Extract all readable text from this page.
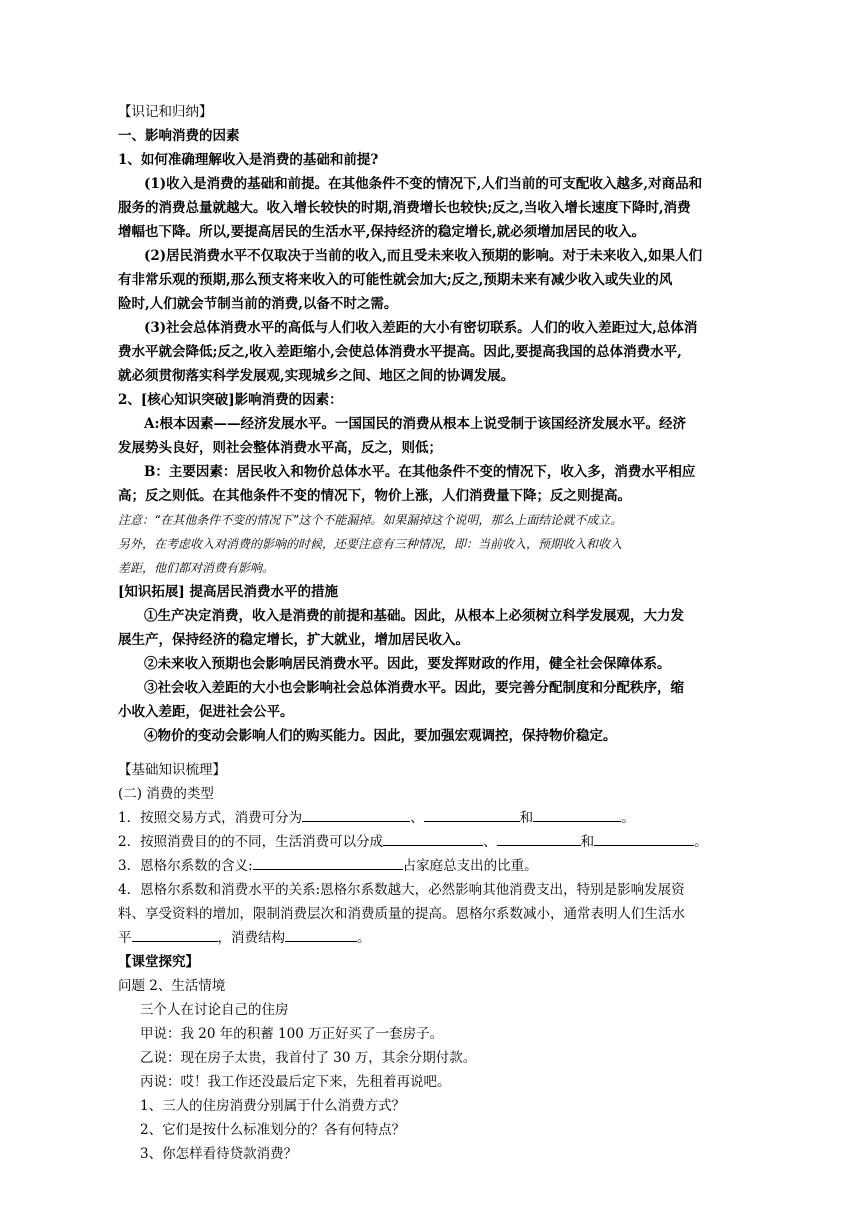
【识记和归纳】
一、影响消费的因素
1、如何准确理解收入是消费的基础和前提?
(1)收入是消费的基础和前提。在其他条件不变的情况下,人们当前的可支配收入越多,对商品和
服务的消费总量就越大。收入增长较快的时期,消费增长也较快;反之,当收入增长速度下降时,消费
增幅也下降。所以,要提高居民的生活水平,保持经济的稳定增长,就必须增加居民的收入。
(2)居民消费水平不仅取决于当前的收入,而且受未来收入预期的影响。对于未来收入,如果人们
有非常乐观的预期,那么预支将来收入的可能性就会加大;反之,预期未来有减少收入或失业的风
险时,人们就会节制当前的消费,以备不时之需。
(3)社会总体消费水平的高低与人们收入差距的大小有密切联系。人们的收入差距过大,总体消
费水平就会降低;反之,收入差距缩小,会使总体消费水平提高。因此,要提高我国的总体消费水平,
就必须贯彻落实科学发展观,实现城乡之间、地区之间的协调发展。
2、[核心知识突破]影响消费的因素：
A:根本因素——经济发展水平。一国国民的消费从根本上说受制于该国经济发展水平。经济
发展势头良好，则社会整体消费水平高，反之，则低；
B：主要因素：居民收入和物价总体水平。在其他条件不变的情况下，收入多，消费水平相应
高；反之则低。在其他条件不变的情况下，物价上涨，人们消费量下降；反之则提高。
注意：“在其他条件不变的情况下”这个不能漏掉。如果漏掉这个说明，那么上面结论就不成立。
另外，在考虑收入对消费的影响的时候，还要注意有三种情况，即：当前收入，预期收入和收入
差距，他们都对消费有影响。
[知识拓展] 提高居民消费水平的措施
①生产决定消费，收入是消费的前提和基础。因此，从根本上必须树立科学发展观，大力发
展生产，保持经济的稳定增长，扩大就业，增加居民收入。
②未来收入预期也会影响居民消费水平。因此，要发挥财政的作用，健全社会保障体系。
③社会收入差距的大小也会影响社会总体消费水平。因此，要完善分配制度和分配秩序，缩
小收入差距，促进社会公平。
④物价的变动会影响人们的购买能力。因此，要加强宏观调控，保持物价稳定。
【基础知识梳理】
(二) 消费的类型
1．按照交易方式，消费可分为	、	和	。
2．按照消费目的的不同，生活消费可以分成	、	和	。
3．恩格尔系数的含义:	占家庭总支出的比重。
4．恩格尔系数和消费水平的关系:恩格尔系数越大，必然影响其他消费支出，特别是影响发展资
料、享受资料的增加，限制消费层次和消费质量的提高。恩格尔系数减小，通常表明人们生活水
平	，消费结构	。
【课堂探究】
问题 2、生活情境
三个人在讨论自己的住房
甲说：我 20 年的积蓄 100 万正好买了一套房子。
乙说：现在房子太贵，我首付了 30 万，其余分期付款。
丙说：哎！我工作还没最后定下来，先租着再说吧。
1、三人的住房消费分别属于什么消费方式？
2、它们是按什么标准划分的？各有何特点？
3、你怎样看待贷款消费？
